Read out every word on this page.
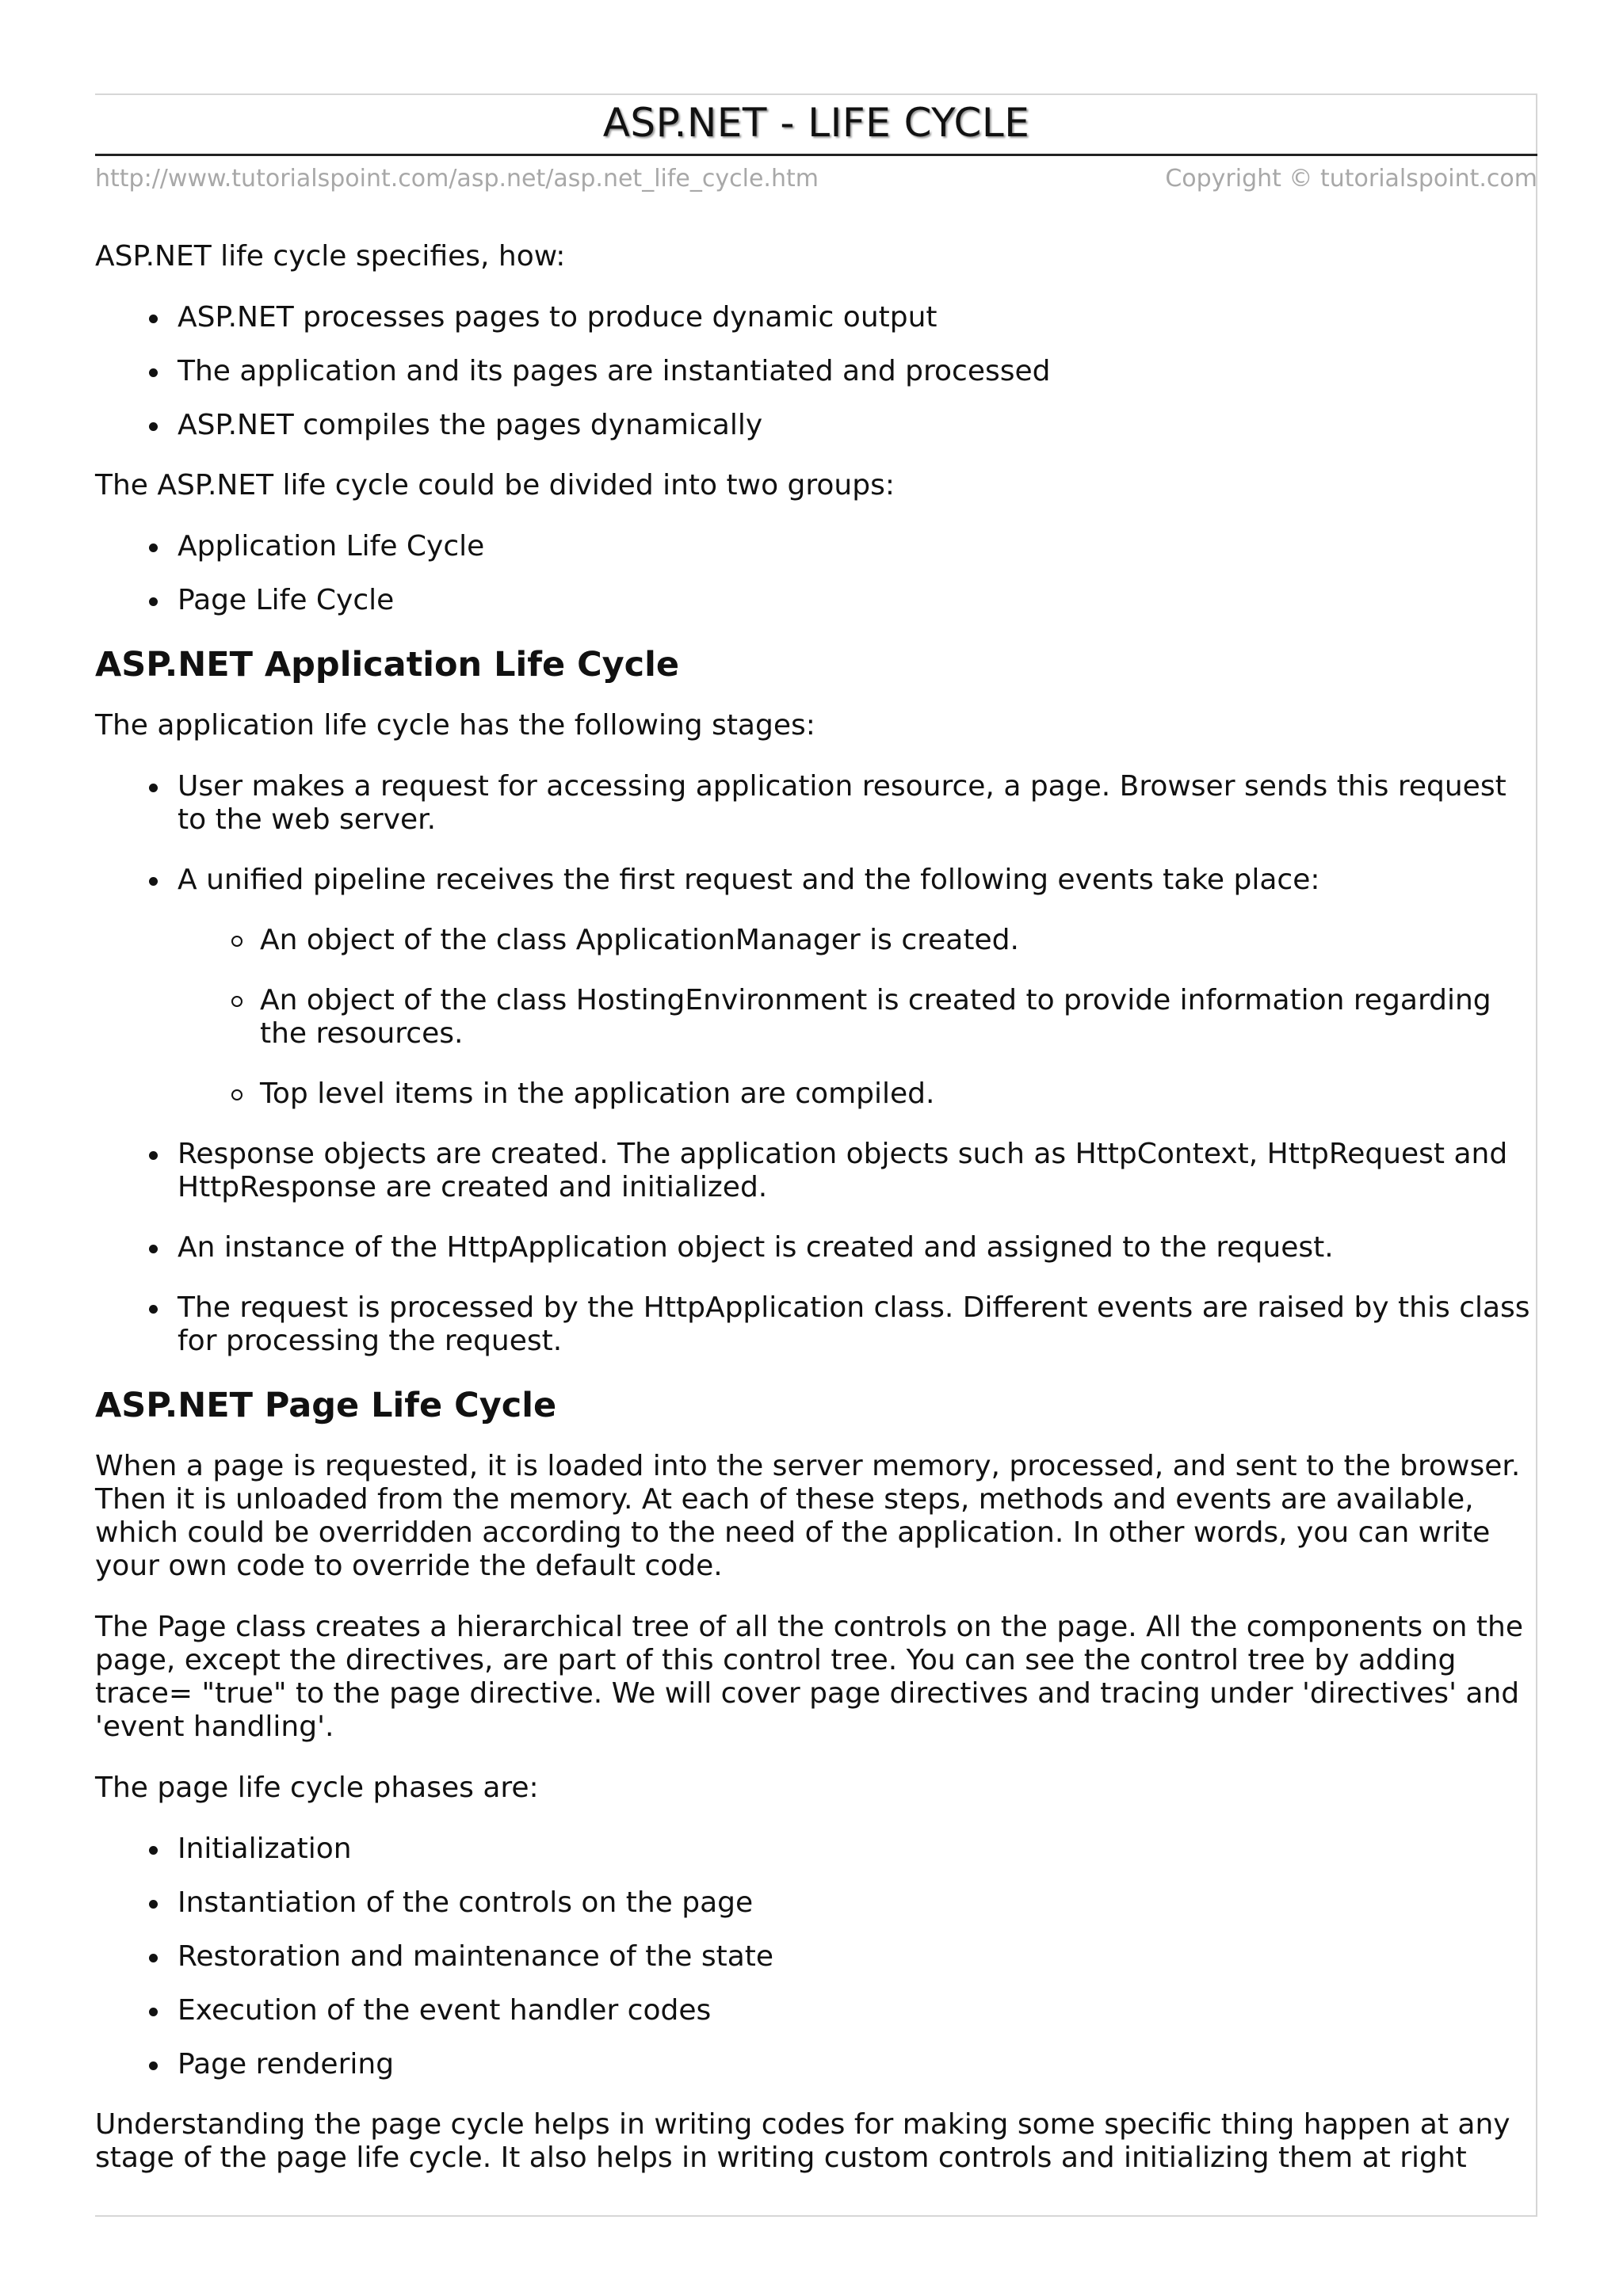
ASP.NET - LIFE CYCLE
http://www.tutorialspoint.com/asp.net/asp.net_life_cycle.htm	Copyright © tutorialspoint.com

ASP.NET life cycle specifies, how:

ASP.NET processes pages to produce dynamic output
The application and its pages are instantiated and processed
ASP.NET compiles the pages dynamically

The ASP.NET life cycle could be divided into two groups:

Application Life Cycle
Page Life Cycle
ASP.NET Application Life Cycle

The application life cycle has the following stages:

User makes a request for accessing application resource, a page. Browser sends this request to the web server.
A unified pipeline receives the first request and the following events take place:
An object of the class ApplicationManager is created.
An object of the class HostingEnvironment is created to provide information regarding the resources.
Top level items in the application are compiled.
Response objects are created. The application objects such as HttpContext, HttpRequest and HttpResponse are created and initialized.
An instance of the HttpApplication object is created and assigned to the request.
The request is processed by the HttpApplication class. Different events are raised by this class for processing the request.
ASP.NET Page Life Cycle

When a page is requested, it is loaded into the server memory, processed, and sent to the browser. Then it is unloaded from the memory. At each of these steps, methods and events are available, which could be overridden according to the need of the application. In other words, you can write your own code to override the default code.

The Page class creates a hierarchical tree of all the controls on the page. All the components on the page, except the directives, are part of this control tree. You can see the control tree by adding trace= "true" to the page directive. We will cover page directives and tracing under 'directives' and 'event handling'.

The page life cycle phases are:

Initialization
Instantiation of the controls on the page
Restoration and maintenance of the state
Execution of the event handler codes
Page rendering

Understanding the page cycle helps in writing codes for making some specific thing happen at any stage of the page life cycle. It also helps in writing custom controls and initializing them at right
